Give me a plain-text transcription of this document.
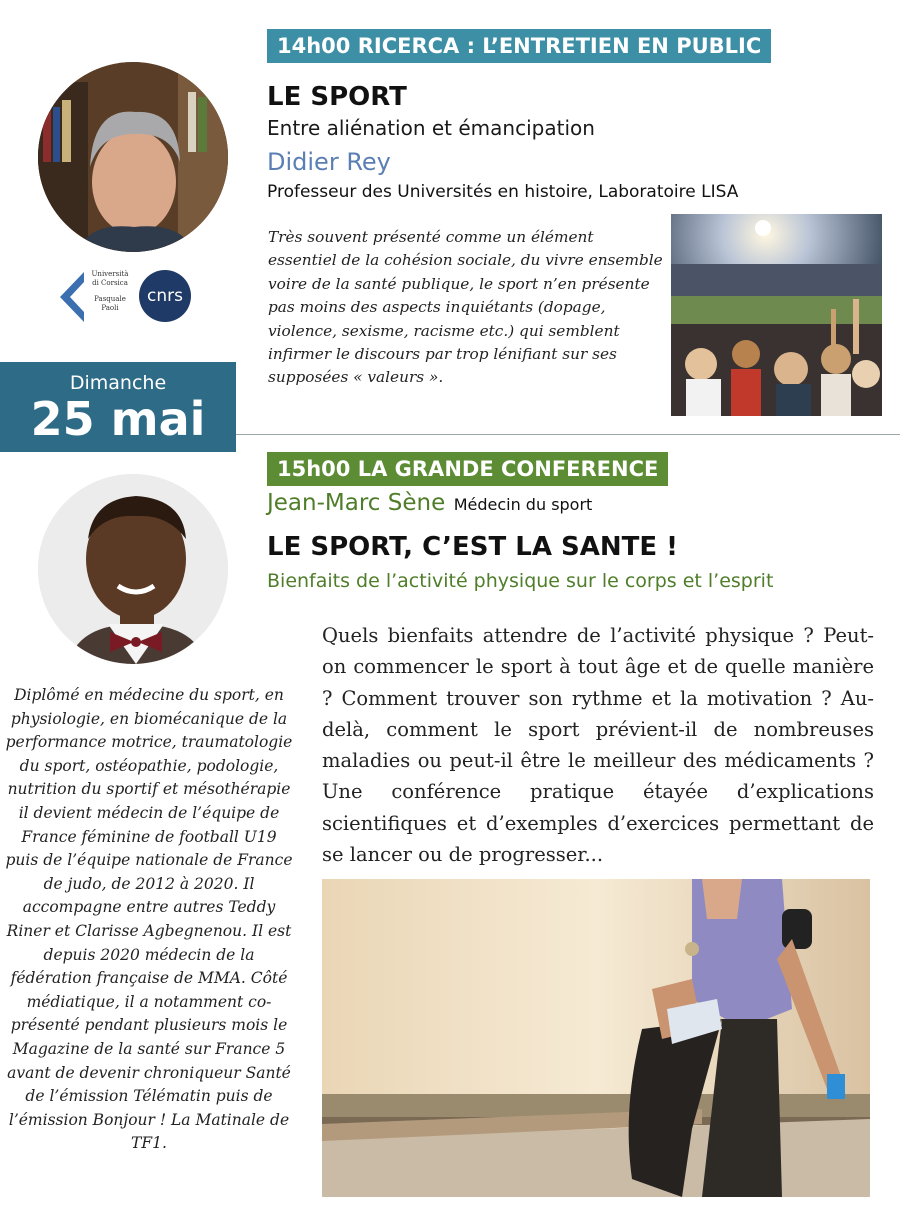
14h00 RICERCA : L’ENTRETIEN EN PUBLIC
Università
di Corsica
Pasquale
Paoli
cnrs
LE SPORT
Entre aliénation et émancipation
Didier Rey
Professeur des Universités en histoire, Laboratoire LISA
Très souvent présenté comme un élément essentiel de la cohésion sociale, du vivre ensemble voire de la santé publique, le sport n’en présente pas moins des aspects inquiétants (dopage, violence, sexisme, racisme etc.) qui semblent infirmer le discours par trop lénifiant sur ses supposées « valeurs ».
Dimanche
25 mai
15h00 LA GRANDE CONFERENCE
Jean-Marc Sène Médecin du sport
LE SPORT, C’EST LA SANTE !
Bienfaits de l’activité physique sur le corps et l’esprit
Diplômé en médecine du sport, en physiologie, en biomécanique de la performance motrice, traumatologie du sport, ostéopathie, podologie, nutrition du sportif et mésothérapie il devient médecin de l’équipe de France féminine de football U19 puis de l’équipe nationale de France de judo, de 2012 à 2020. Il accompagne entre autres Teddy Riner et Clarisse Agbegnenou. Il est depuis 2020 médecin de la fédération française de MMA. Côté médiatique, il a notamment co-présenté pendant plusieurs mois le Magazine de la santé sur France 5 avant de devenir chroniqueur Santé de l’émission Télématin puis de l’émission Bonjour ! La Matinale de TF1.
Quels bienfaits attendre de l’activité physique ? Peut-on commencer le sport à tout âge et de quelle manière ? Comment trouver son rythme et la motivation ? Au-delà, comment le sport prévient-il de nombreuses maladies ou peut-il être le meilleur des médicaments ? Une conférence pratique étayée d’explications scientifiques et d’exemples d’exercices permettant de se lancer ou de progresser...
